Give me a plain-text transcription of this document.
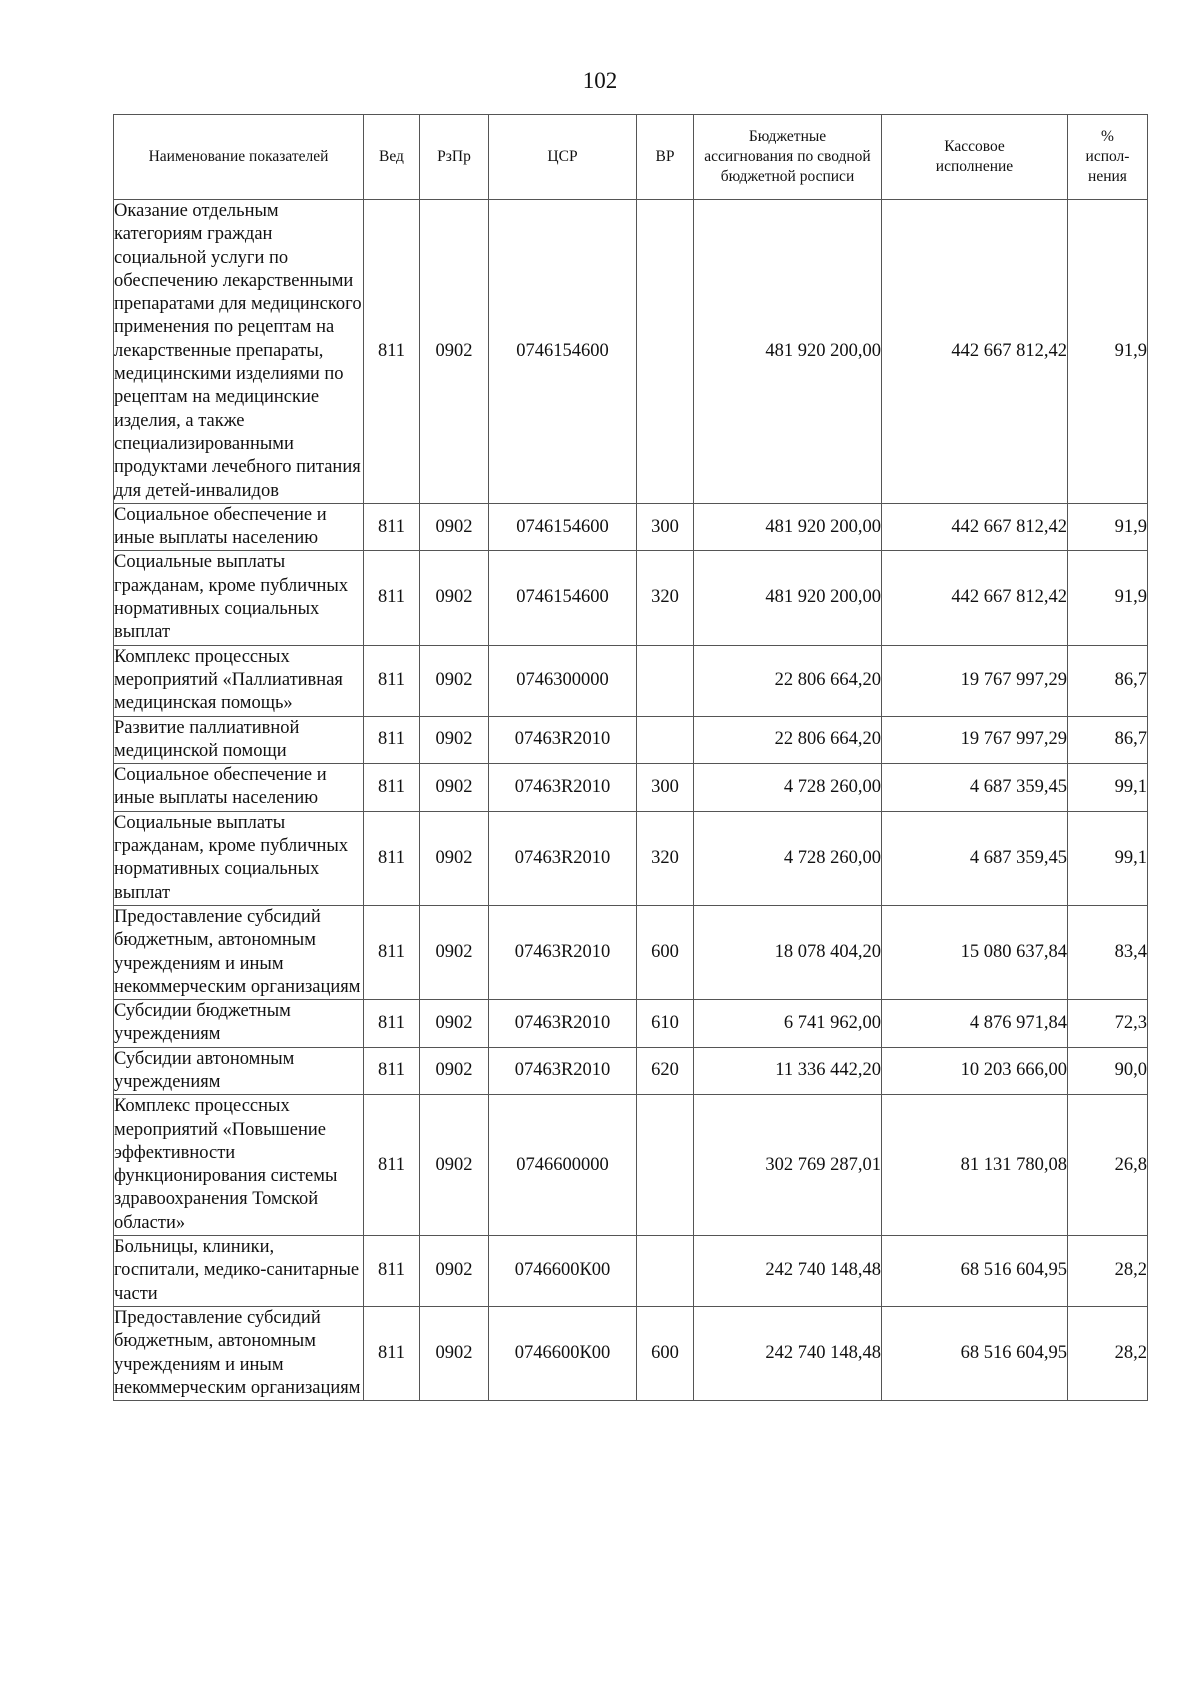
102
Наименование показателей	Вед	РзПр	ЦСР	ВР	Бюджетные ассигнования по сводной бюджетной росписи	Кассовое исполнение	%
испол-
нения

Оказание отдельным категориям граждан социальной услуги по обеспечению лекарственными препаратами для медицинского применения по рецептам на лекарственные препараты, медицинскими изделиями по рецептам на медицинские изделия, а также специализированными продуктами лечебного питания для детей-инвалидов	811	0902	0746154600		481 920 200,00	442 667 812,42	91,9
Социальное обеспечение и иные выплаты населению	811	0902	0746154600	300	481 920 200,00	442 667 812,42	91,9
Социальные выплаты гражданам, кроме публичных нормативных социальных выплат	811	0902	0746154600	320	481 920 200,00	442 667 812,42	91,9
Комплекс процессных мероприятий «Паллиативная медицинская помощь»	811	0902	0746300000		22 806 664,20	19 767 997,29	86,7
Развитие паллиативной медицинской помощи	811	0902	07463R2010		22 806 664,20	19 767 997,29	86,7
Социальное обеспечение и иные выплаты населению	811	0902	07463R2010	300	4 728 260,00	4 687 359,45	99,1
Социальные выплаты гражданам, кроме публичных нормативных социальных выплат	811	0902	07463R2010	320	4 728 260,00	4 687 359,45	99,1
Предоставление субсидий бюджетным, автономным учреждениям и иным некоммерческим организациям	811	0902	07463R2010	600	18 078 404,20	15 080 637,84	83,4
Субсидии бюджетным учреждениям	811	0902	07463R2010	610	6 741 962,00	4 876 971,84	72,3
Субсидии автономным учреждениям	811	0902	07463R2010	620	11 336 442,20	10 203 666,00	90,0
Комплекс процессных мероприятий «Повышение эффективности функционирования системы здравоохранения Томской области»	811	0902	0746600000		302 769 287,01	81 131 780,08	26,8
Больницы, клиники, госпитали, медико-санитарные части	811	0902	0746600К00		242 740 148,48	68 516 604,95	28,2
Предоставление субсидий бюджетным, автономным учреждениям и иным некоммерческим организациям	811	0902	0746600К00	600	242 740 148,48	68 516 604,95	28,2
